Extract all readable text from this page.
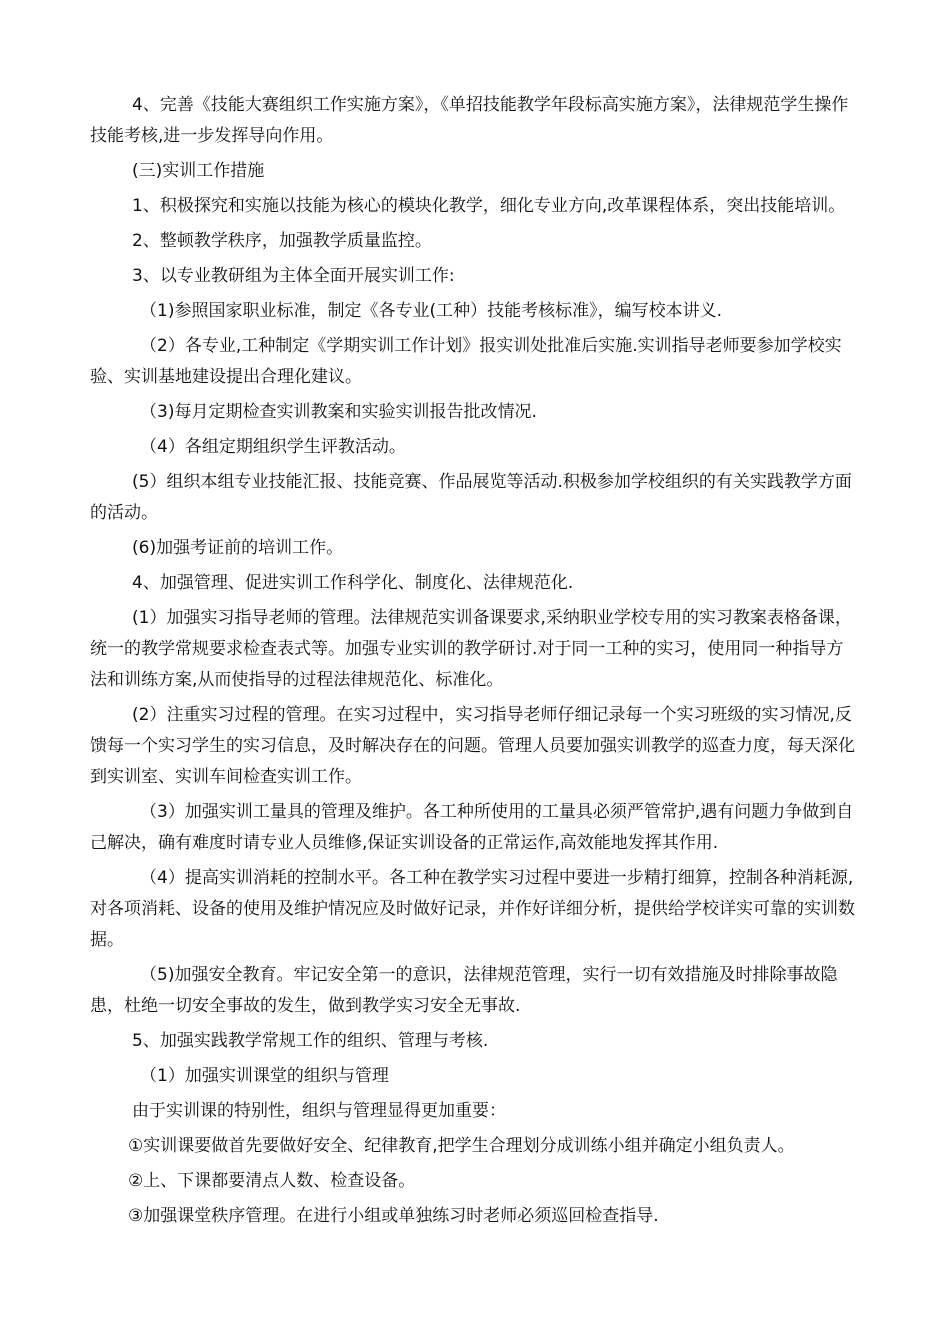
4、完善《技能大赛组织工作实施方案》，《单招技能教学年段标高实施方案》，法律规范学生操作技能考核,进一步发挥导向作用。

(三)实训工作措施

1、积极探究和实施以技能为核心的模块化教学，细化专业方向,改革课程体系，突出技能培训。

2、整顿教学秩序，加强教学质量监控。

3、以专业教研组为主体全面开展实训工作:

（1)参照国家职业标准，制定《各专业(工种）技能考核标准》，编写校本讲义.

（2）各专业,工种制定《学期实训工作计划》报实训处批准后实施.实训指导老师要参加学校实验、实训基地建设提出合理化建议。

（3)每月定期检查实训教案和实验实训报告批改情况.

（4）各组定期组织学生评教活动。

(5）组织本组专业技能汇报、技能竞赛、作品展览等活动.积极参加学校组织的有关实践教学方面的活动。

(6)加强考证前的培训工作。

4、加强管理、促进实训工作科学化、制度化、法律规范化.

(1）加强实习指导老师的管理。法律规范实训备课要求,采纳职业学校专用的实习教案表格备课，统一的教学常规要求检查表式等。加强专业实训的教学研讨.对于同一工种的实习，使用同一种指导方法和训练方案,从而使指导的过程法律规范化、标准化。

(2）注重实习过程的管理。在实习过程中，实习指导老师仔细记录每一个实习班级的实习情况,反馈每一个实习学生的实习信息，及时解决存在的问题。管理人员要加强实训教学的巡查力度，每天深化到实训室、实训车间检查实训工作。

（3）加强实训工量具的管理及维护。各工种所使用的工量具必须严管常护,遇有问题力争做到自己解决，确有难度时请专业人员维修,保证实训设备的正常运作,高效能地发挥其作用.

（4）提高实训消耗的控制水平。各工种在教学实习过程中要进一步精打细算，控制各种消耗源,对各项消耗、设备的使用及维护情况应及时做好记录，并作好详细分析，提供给学校详实可靠的实训数据。

（5)加强安全教育。牢记安全第一的意识，法律规范管理，实行一切有效措施及时排除事故隐患，杜绝一切安全事故的发生，做到教学实习安全无事故.

5、加强实践教学常规工作的组织、管理与考核.

（1）加强实训课堂的组织与管理

由于实训课的特别性，组织与管理显得更加重要：

①实训课要做首先要做好安全、纪律教育,把学生合理划分成训练小组并确定小组负责人。

②上、下课都要清点人数、检查设备。

③加强课堂秩序管理。在进行小组或单独练习时老师必须巡回检查指导.
